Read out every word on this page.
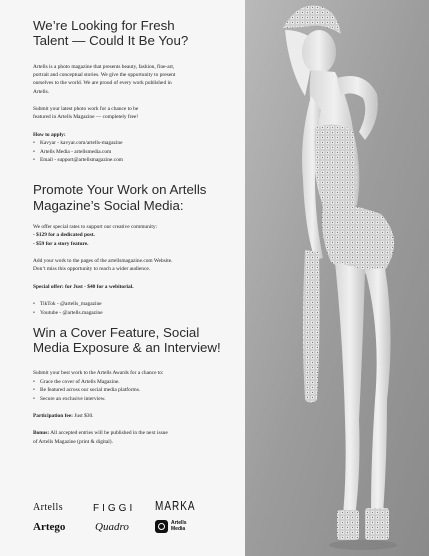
We’re Looking for Fresh
Talent — Could It Be You?

Artells is a photo magazine that presents beauty, fashion, fine-art,
portrait and conceptual stories. We give the opportunity to present
ourselves to the world. We are proud of every work published in
Artells.

Submit your latest photo work for a chance to be
featured in Artells Magazine — completely free!

How to apply:

• Kavyar - kavyar.com/artells-magazine
• Artells Media - artellsmedia.com
• Email - support@artellsmagazine.com
Promote Your Work on Artells
Magazine’s Social Media:

We offer special rates to support our creative community:
- $129 for a dedicated post.
- $59 for a story feature.

Add your work to the pages of the artellsmagazine.com Website.
Don’t miss this opportunity to reach a wider audience.

Special offer: for Just - $40 for a webitorial.

• TikTok - @artells_magazine
• Youtube - @artells.magazine
Win a Cover Feature, Social
Media Exposure & an Interview!

Submit your best work to the Artells Awards for a chance to:

• Grace the cover of Artells Magazine.
• Be featured across our social media platforms.
• Secure an exclusive interview.

Participation fee: Just $30.

Bonus: All accepted entries will be published in the next issue
of Artells Magazine (print & digital).

Artells	FIGGI MARKA
Artego	Quadro	Artells
Media
